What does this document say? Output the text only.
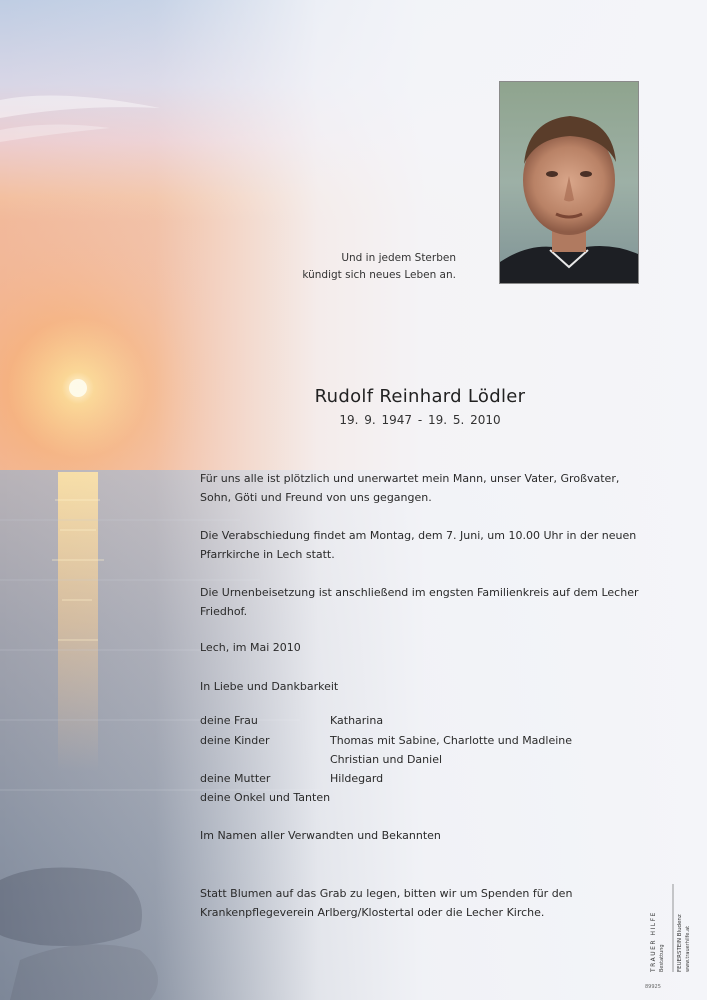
Und in jedem Sterben
kündigt sich neues Leben an.
Rudolf Reinhard Lödler
19. 9. 1947 - 19. 5. 2010
Für uns alle ist plötzlich und unerwartet mein Mann, unser Vater, Großvater, Sohn, Göti und Freund von uns gegangen.
Die Verabschiedung findet am Montag, dem 7. Juni, um 10.00 Uhr in der neuen Pfarrkirche in Lech statt.
Die Urnenbeisetzung ist anschließend im engsten Familienkreis auf dem Lecher Friedhof.
Lech, im Mai 2010
In Liebe und Dankbarkeit
deine Frau	Katharina
deine Kinder	Thomas mit Sabine, Charlotte und Madleine
Christian und Daniel
deine Mutter	Hildegard
deine Onkel und Tanten
Im Namen aller Verwandten und Bekannten
Statt Blumen auf das Grab zu legen, bitten wir um Spenden für den Krankenpflegeverein Arlberg/Klostertal oder die Lecher Kirche.	TRAUER HILFE Bestattung FEUERSTEIN Bludenz www.trauerhilfe.at
89925
